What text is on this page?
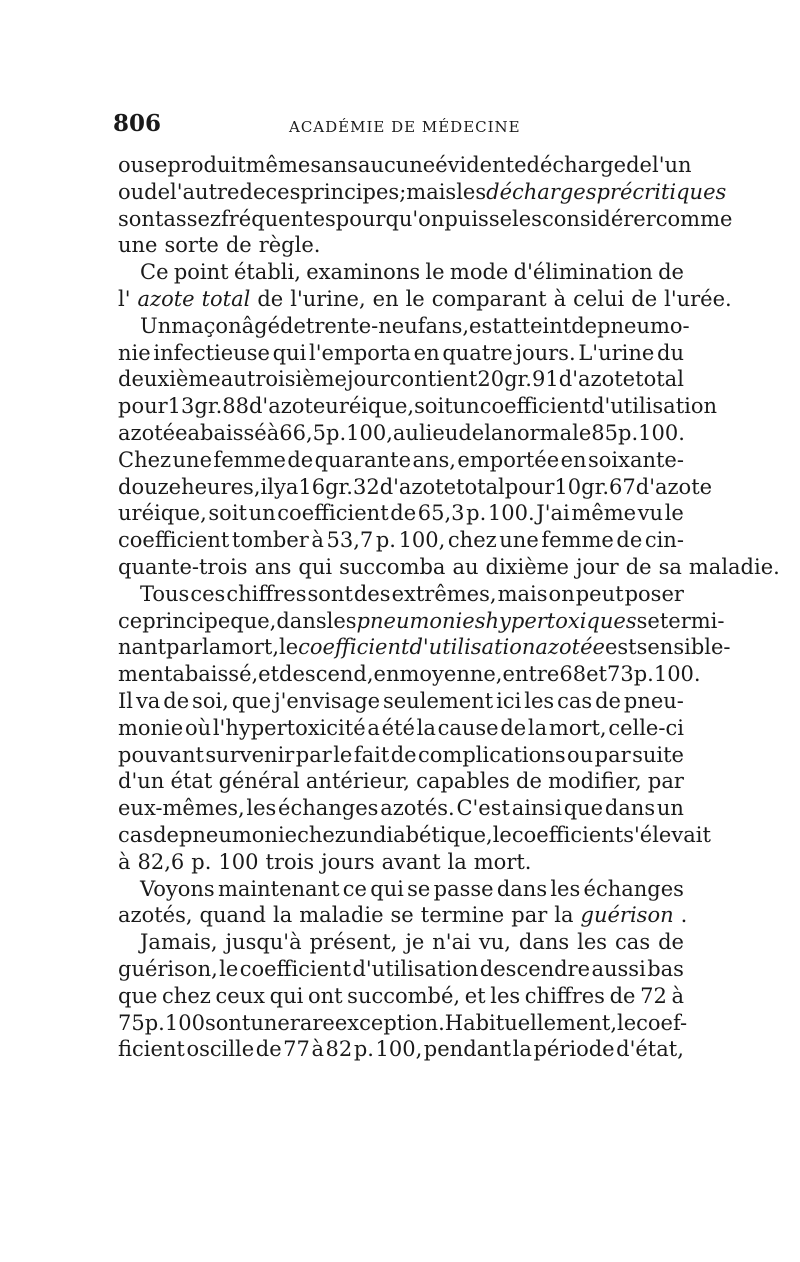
806	ACADÉMIE DE MÉDECINE
ou se produit même sans aucune évidente décharge de l'un
ou de l'autre de ces principes ; mais les décharges précritiques
sont assez fréquentes pour qu'on puisse les considérer comme
une sorte de règle.
Ce point établi, examinons le mode d'élimination de
l' azote total de l'urine, en le comparant à celui de l'urée.
Un maçon âgé de trente-neuf ans, est atteint de pneumo-
nie infectieuse qui l'emporta en quatre jours. L'urine du
deuxième au troisième jour contient 20 gr. 91 d'azote total
pour 13 gr. 88 d'azote uréique, soit un coefficient d'utilisation
azotée abaissé à 66,5 p. 100, au lieu de la normale 85 p. 100.
Chez une femme de quarante ans, emportée en soixante-
douze heures, il y a 16 gr. 32 d'azote total pour 10 gr. 67 d'azote
uréique, soit un coefficient de 65,3 p. 100. J'ai même vu le
coefficient tomber à 53,7 p. 100, chez une femme de cin-
quante-trois ans qui succomba au dixième jour de sa maladie.
Tous ces chiffres sont des extrêmes, mais on peut poser
ce principe que, dans les pneumonies hypertoxiques se termi-
nant par la mort, le coefficient d'utilisation azotée est sensible-
ment abaissé, et descend, en moyenne, entre 68 et 73 p. 100.
Il va de soi, que j'envisage seulement ici les cas de pneu-
monie où l'hypertoxicité a été la cause de la mort, celle-ci
pouvant survenir par le fait de complications ou par suite
d'un état général antérieur, capables de modifier, par
eux-mêmes, les échanges azotés. C'est ainsi que dans un
cas de pneumonie chez un diabétique, le coefficient s'élevait
à 82,6 p. 100 trois jours avant la mort.
Voyons maintenant ce qui se passe dans les échanges
azotés, quand la maladie se termine par la guérison .
Jamais, jusqu'à présent, je n'ai vu, dans les cas de
guérison, le coefficient d'utilisation descendre aussi bas
que chez ceux qui ont succombé, et les chiffres de 72 à
75 p. 100 sont une rare exception. Habituellement, le coef-
ficient oscille de 77 à 82 p. 100, pendant la période d'état,
